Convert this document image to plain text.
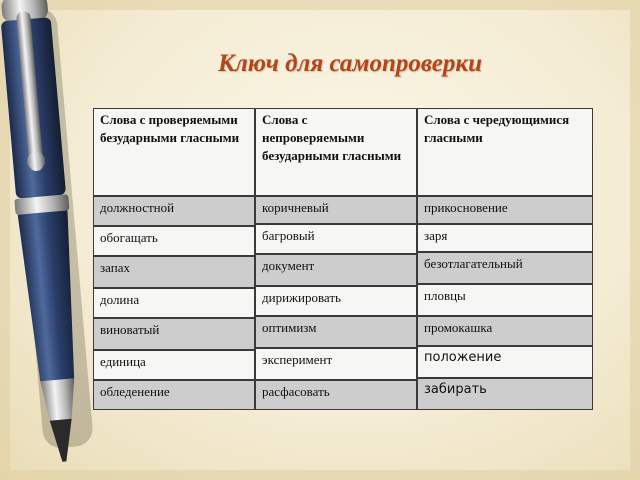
Ключ для самопроверки
Слова с проверяемыми безударными гласными
Слова с непроверяемыми безударными гласными
Слова с чередующимися гласными
должностной
обогащать
запах
долина
виноватый
единица
обледенение
коричневый
багровый
документ
дирижировать
оптимизм
эксперимент
расфасовать
прикосновение
заря
безотлагательный
пловцы
промокашка
положение
забирать
